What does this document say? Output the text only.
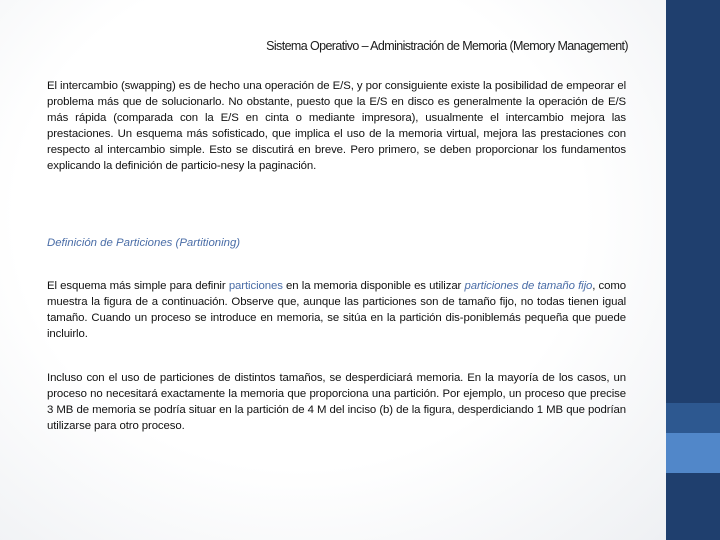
Sistema Operativo – Administración de Memoria (Memory Management)

El intercambio (swapping) es de hecho una operación de E/S, y por consiguiente existe la posibilidad de empeorar el problema más que de solucionarlo. No obstante, puesto que la E/S en disco es generalmente la operación de E/S más rápida (comparada con la E/S en cinta o mediante impresora), usualmente el intercambio mejora las prestaciones. Un esquema más sofisticado, que implica el uso de la memoria virtual, mejora las prestaciones con respecto al intercambio simple. Esto se discutirá en breve. Pero primero, se deben proporcionar los fundamentos explicando la definición de particio-nesy la paginación.

Definición de Particiones (Partitioning)

El esquema más simple para definir particiones en la memoria disponible es utilizar particiones de tamaño fijo, como muestra la figura de a continuación. Observe que, aunque las particiones son de tamaño fijo, no todas tienen igual tamaño. Cuando un proceso se introduce en memoria, se sitúa en la partición dis-poniblemás pequeña que puede incluirlo.

Incluso con el uso de particiones de distintos tamaños, se desperdiciará memoria. En la mayoría de los casos, un proceso no necesitará exactamente la memoria que proporciona una partición. Por ejemplo, un proceso que precise 3 MB de memoria se podría situar en la partición de 4 M del inciso (b) de la figura, desperdiciando 1 MB que podrían utilizarse para otro proceso.
